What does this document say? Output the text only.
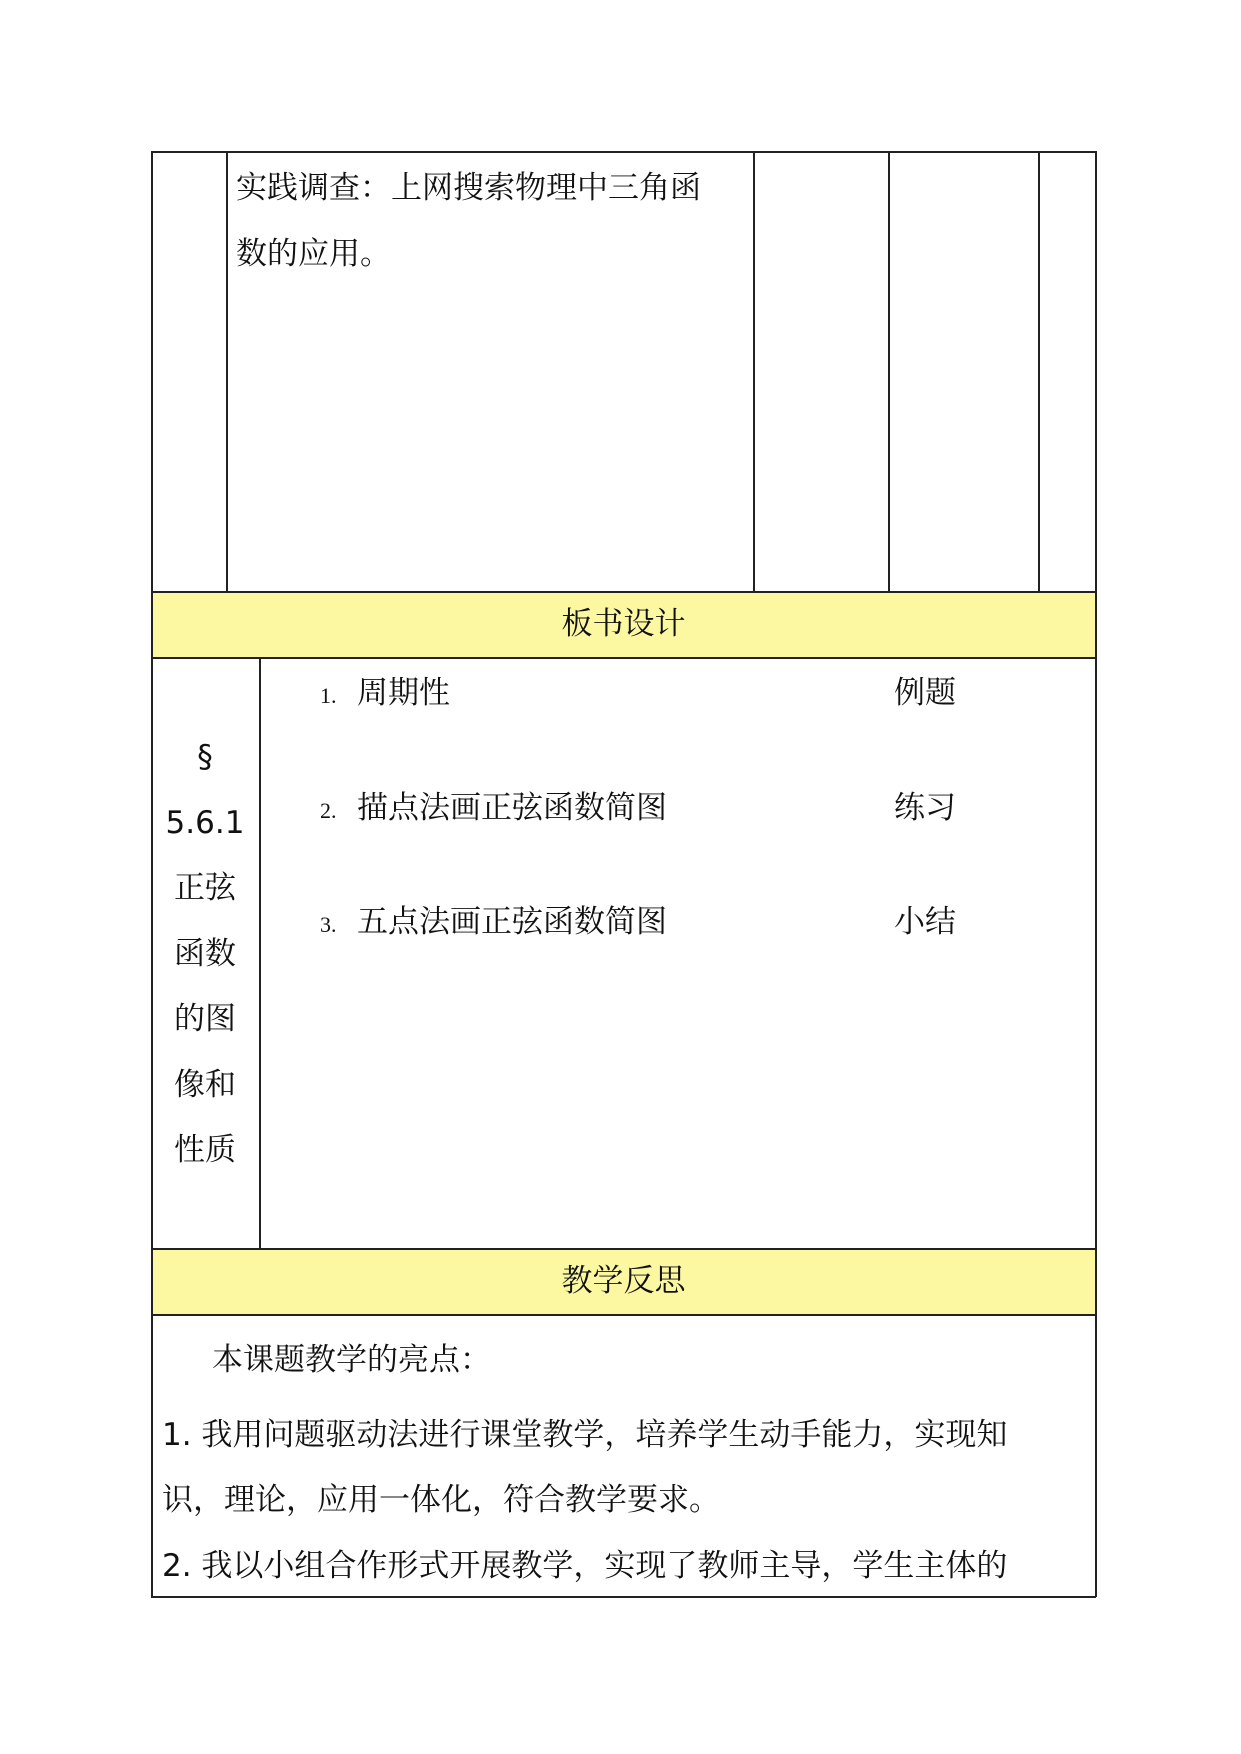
实践调查：上网搜索物理中三角函
数的应用。
板书设计
§
5.6.1
正弦
函数
的图
像和
性质
1. 周期性	例题
2. 描点法画正弦函数简图	练习
3. 五点法画正弦函数简图	小结
教学反思
本课题教学的亮点：
1. 我用问题驱动法进行课堂教学，培养学生动手能力，实现知
识，理论，应用一体化，符合教学要求。
2. 我以小组合作形式开展教学，实现了教师主导，学生主体的
